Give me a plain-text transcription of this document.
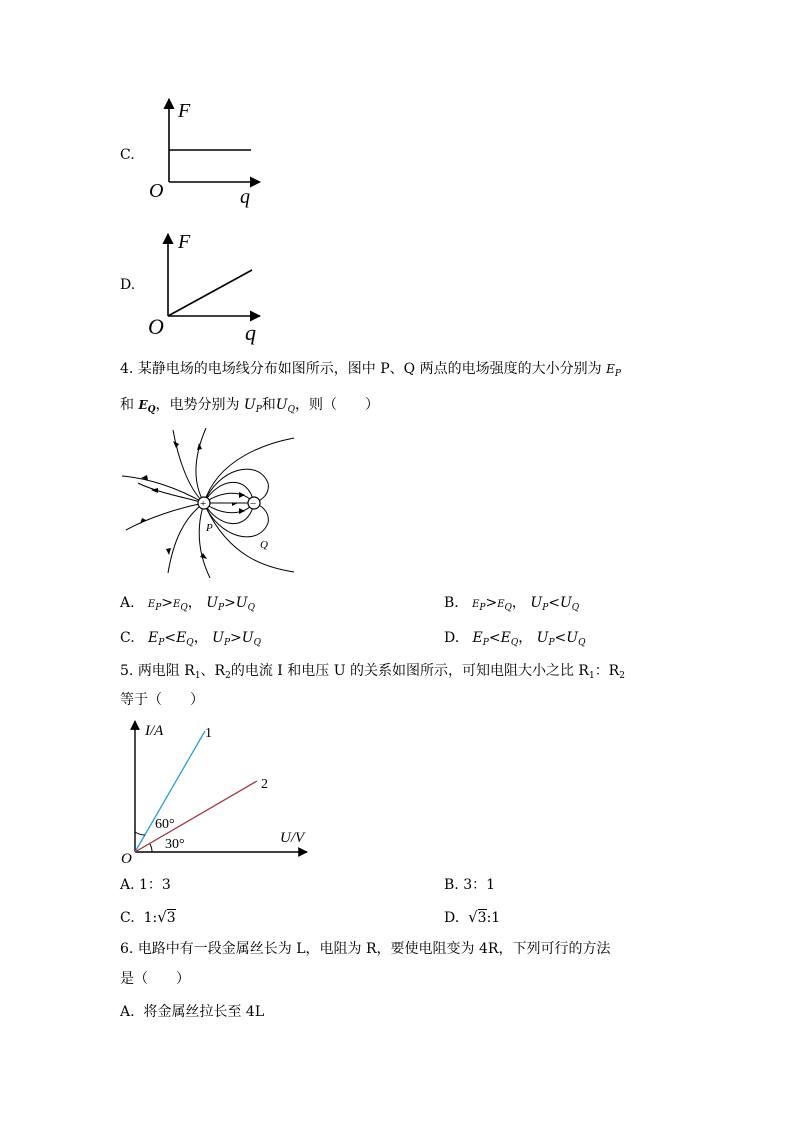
C.
F
q
O
D.
F
q
O
4. 某静电场的电场线分布如图所示，图中 P、Q 两点的电场强度的大小分别为 $E_P$
和 $E_Q$，电势分别为 $U_P$和$U_Q$，则（　　）
+	−
P
Q
A. $E_P>E_Q$， $U_P>U_Q$	B. $E_P>E_Q$， $U_P<U_Q$
C. $E_P<E_Q$， $U_P>U_Q$	D. $E_P<E_Q$， $U_P<U_Q$
5. 两电阻 $R_1$、$R_2$的电流 I 和电压 U 的关系如图所示，可知电阻大小之比 $R_1$：$R_2$
等于（　　）
I/A
U/V
O
1
2
60°
30°
A. 1：3	B. 3：1
C. 1:√3	D. √3:1
6. 电路中有一段金属丝长为 L，电阻为 R，要使电阻变为 4R，下列可行的方法
是（　　）
A. 将金属丝拉长至 4L
